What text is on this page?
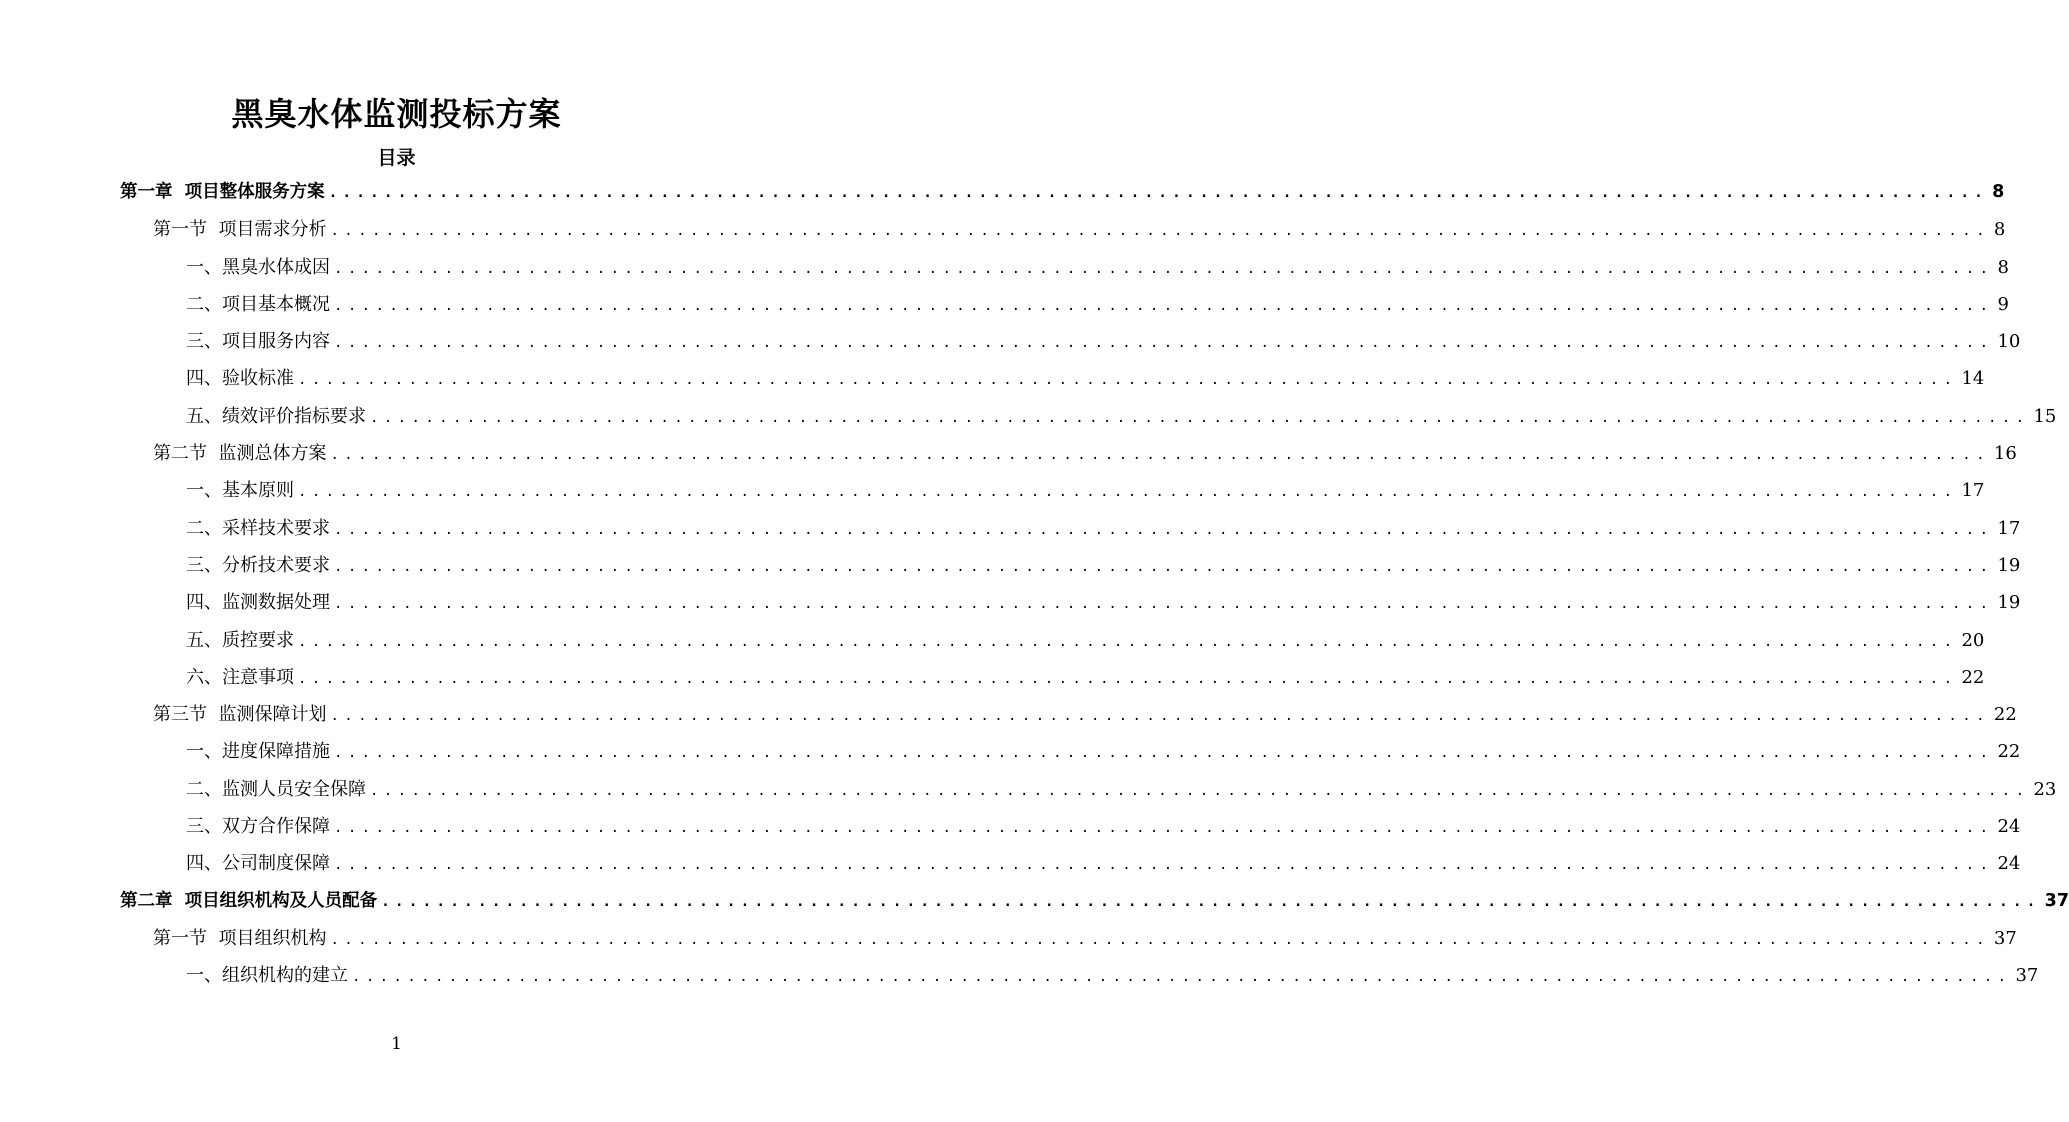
黑臭水体监测投标方案
目录
第一章  项目整体服务方案 ........................................................................................................................ 8
第一节  项目需求分析 ........................................................................................................................ 8
一、黑臭水体成因 ........................................................................................................................ 8
二、项目基本概况 ........................................................................................................................ 9
三、项目服务内容 ........................................................................................................................ 10
四、验收标准 ........................................................................................................................ 14
五、绩效评价指标要求 ........................................................................................................................ 15
第二节  监测总体方案 ........................................................................................................................ 16
一、基本原则 ........................................................................................................................ 17
二、采样技术要求 ........................................................................................................................ 17
三、分析技术要求 ........................................................................................................................ 19
四、监测数据处理 ........................................................................................................................ 19
五、质控要求 ........................................................................................................................ 20
六、注意事项 ........................................................................................................................ 22
第三节  监测保障计划 ........................................................................................................................ 22
一、进度保障措施 ........................................................................................................................ 22
二、监测人员安全保障 ........................................................................................................................ 23
三、双方合作保障 ........................................................................................................................ 24
四、公司制度保障 ........................................................................................................................ 24
第二章  项目组织机构及人员配备 ........................................................................................................................ 37
第一节  项目组织机构 ........................................................................................................................ 37
一、组织机构的建立 ........................................................................................................................ 37
1
